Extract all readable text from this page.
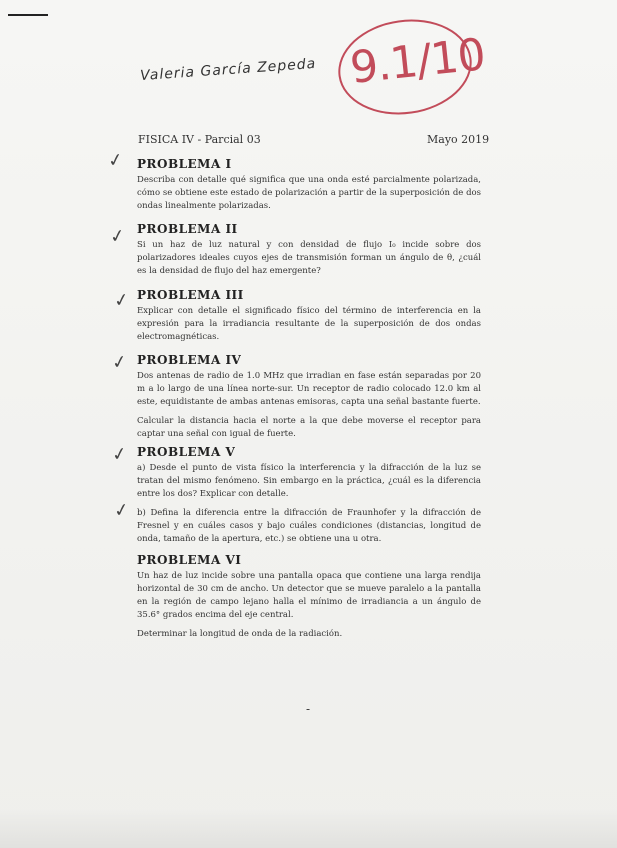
Valeria García Zepeda 9.1/10
FISICA IV - Parcial 03	Mayo 2019
✓ PROBLEMA I

Describa con detalle qué significa que una onda esté parcialmente polarizada, cómo se obtiene este estado de polarización a partir de la superposición de dos ondas linealmente polarizadas.

✓ PROBLEMA II

Si un haz de luz natural y con densidad de flujo I₀ incide sobre dos polarizadores ideales cuyos ejes de transmisión forman un ángulo de θ, ¿cuál es la densidad de flujo del haz emergente?

✓ PROBLEMA III

Explicar con detalle el significado físico del término de interferencia en la expresión para la irradiancia resultante de la superposición de dos ondas electromagnéticas.

✓ PROBLEMA IV

Dos antenas de radio de 1.0 MHz que irradian en fase están separadas por 20 m a lo largo de una línea norte-sur. Un receptor de radio colocado 12.0 km al este, equidistante de ambas antenas emisoras, capta una señal bastante fuerte.

Calcular la distancia hacia el norte a la que debe moverse el receptor para captar una señal con igual de fuerte.

✓
✓
PROBLEMA V

a) Desde el punto de vista físico la interferencia y la difracción de la luz se tratan del mismo fenómeno. Sin embargo en la práctica, ¿cuál es la diferencia entre los dos? Explicar con detalle.

b) Defina la diferencia entre la difracción de Fraunhofer y la difracción de Fresnel y en cuáles casos y bajo cuáles condiciones (distancias, longitud de onda, tamaño de la apertura, etc.) se obtiene una u otra.

PROBLEMA VI

Un haz de luz incide sobre una pantalla opaca que contiene una larga rendija horizontal de 30 cm de ancho. Un detector que se mueve paralelo a la pantalla en la región de campo lejano halla el mínimo de irradiancia a un ángulo de 35.6° grados encima del eje central.

Determinar la longitud de onda de la radiación.

-
